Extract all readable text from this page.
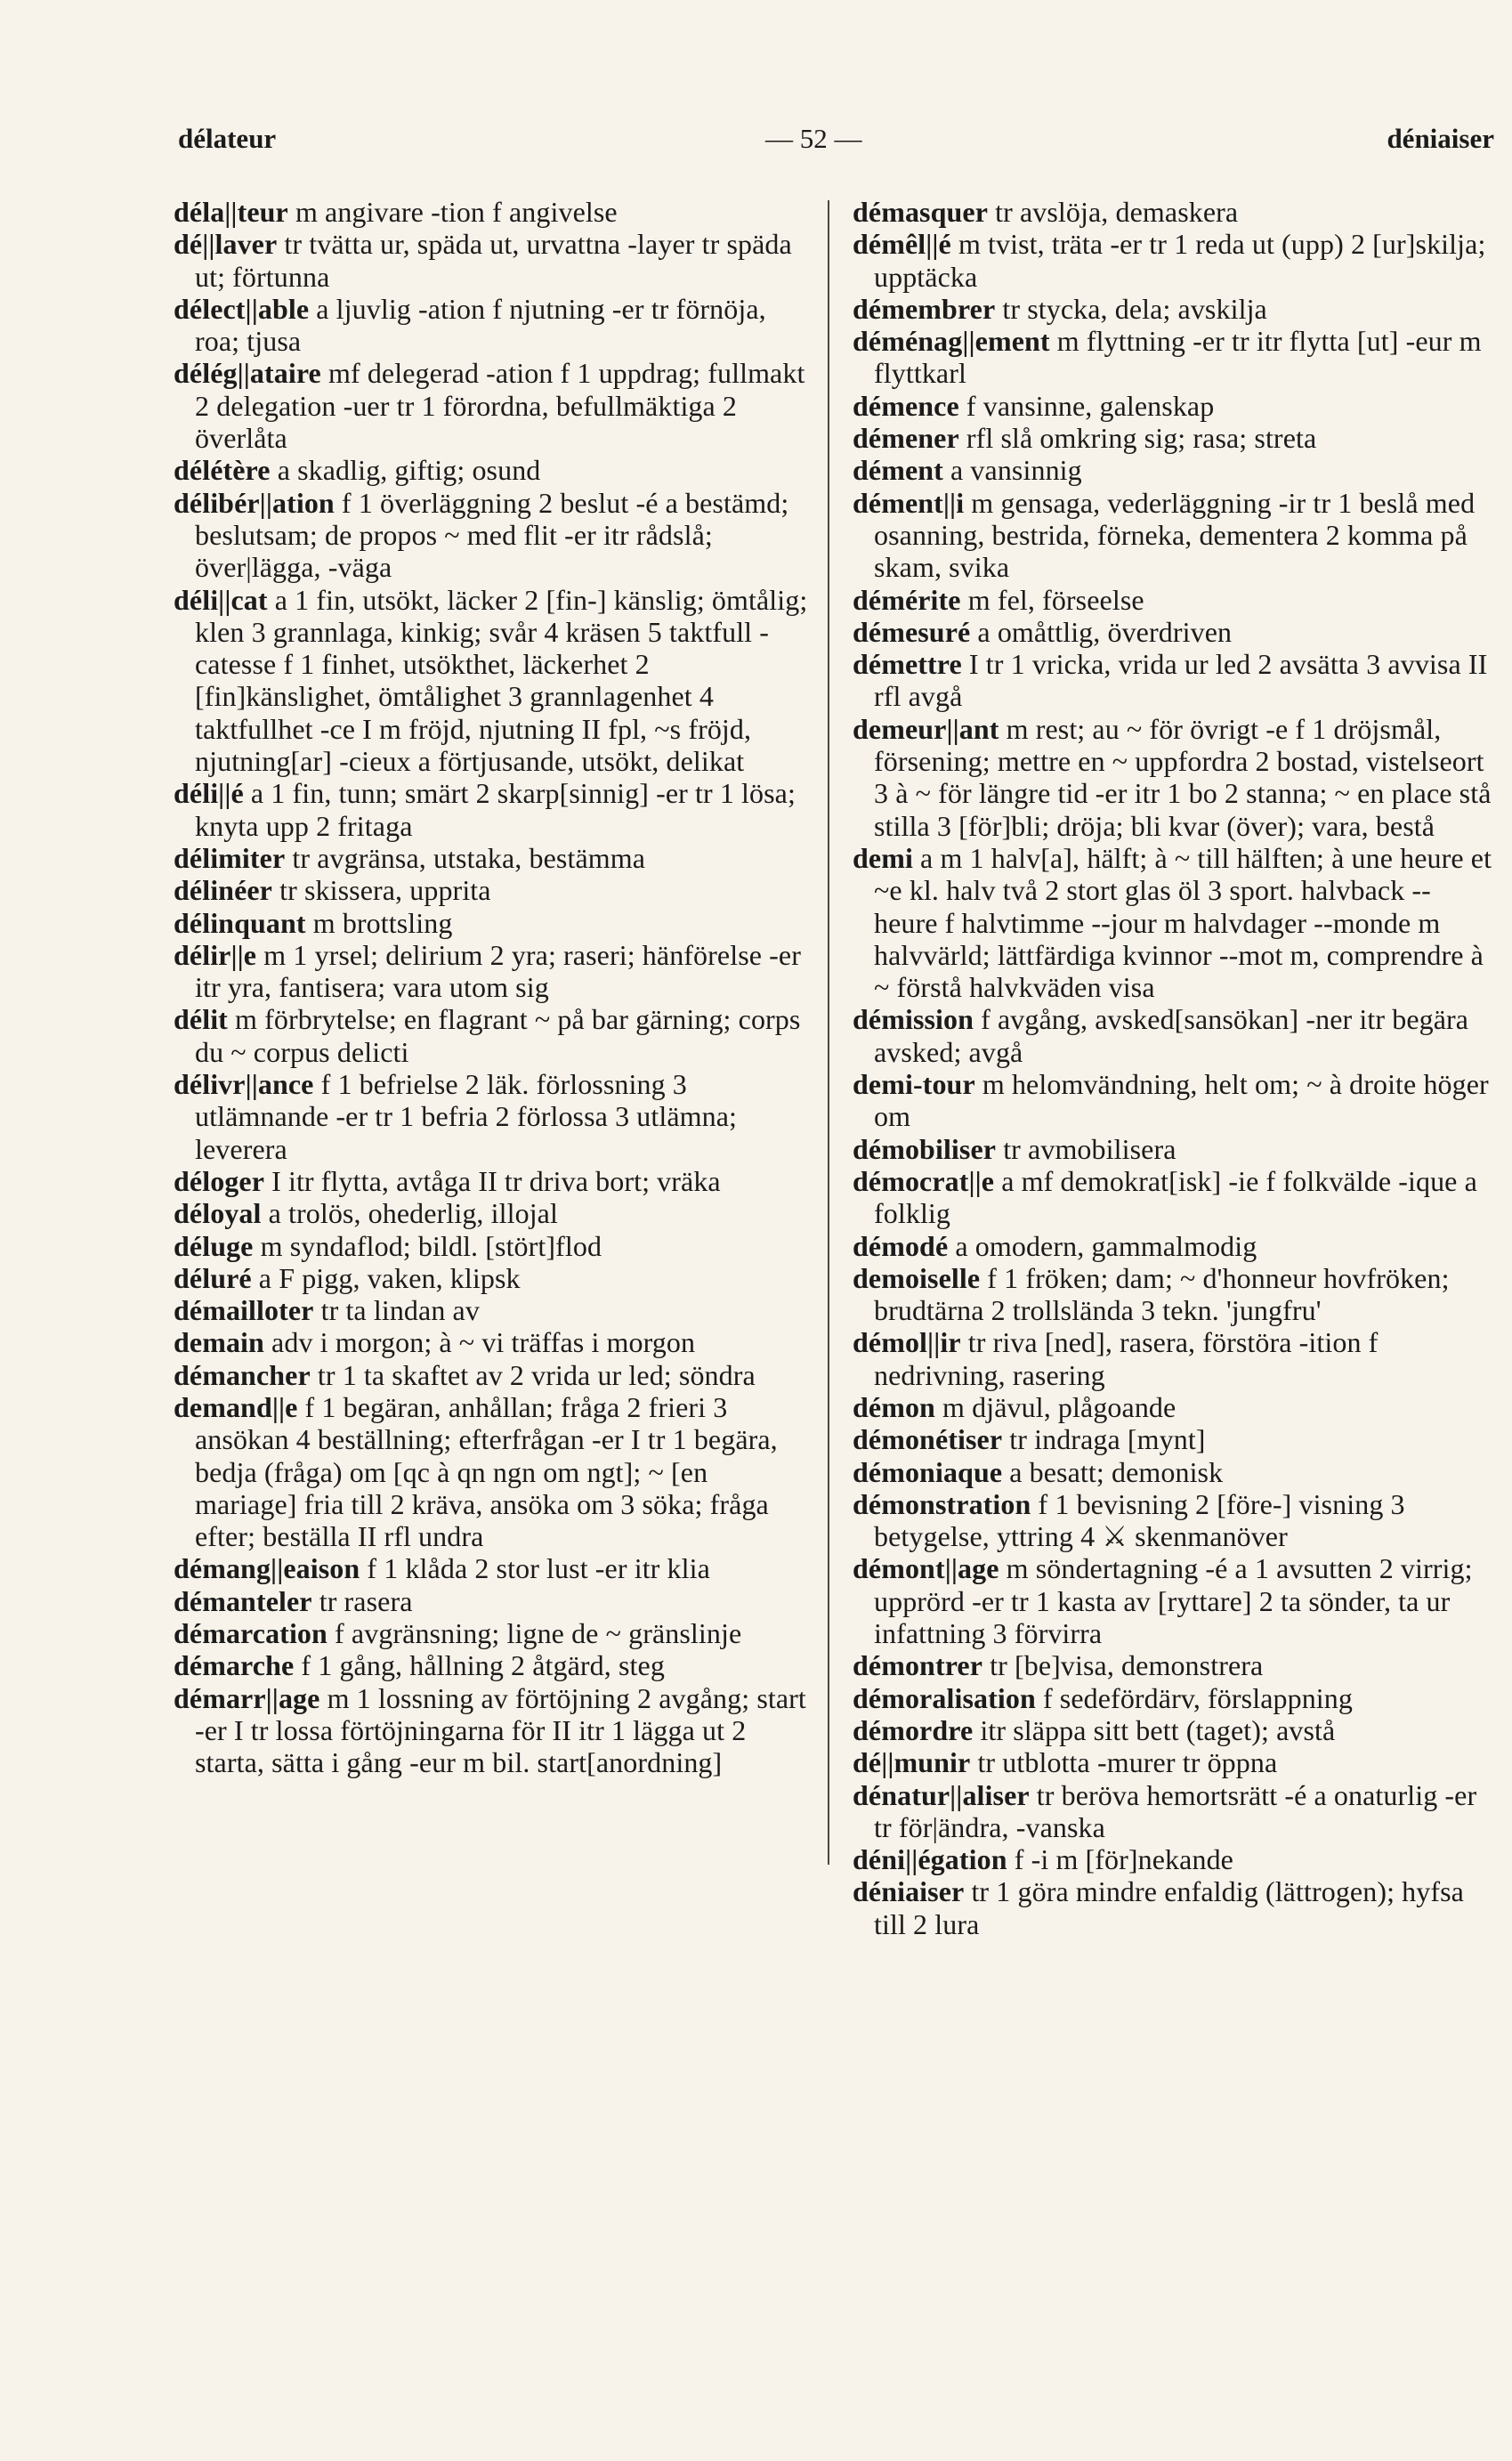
délateur	— 52 —	déniaiser

déla||teur m angivare -tion f angivelse

dé||laver tr tvätta ur, späda ut, urvattna -layer tr späda ut; förtunna

délect||able a ljuvlig -ation f njutning -er tr förnöja, roa; tjusa

délég||ataire mf delegerad -ation f 1 uppdrag; fullmakt 2 delegation -uer tr 1 förordna, befullmäktiga 2 överlåta

délétère a skadlig, giftig; osund

délibér||ation f 1 överläggning 2 beslut -é a bestämd; beslutsam; de propos ~ med flit -er itr rådslå; över|lägga, -väga

déli||cat a 1 fin, utsökt, läcker 2 [fin-] känslig; ömtålig; klen 3 grannlaga, kinkig; svår 4 kräsen 5 taktfull -catesse f 1 finhet, utsökthet, läckerhet 2 [fin]känslighet, ömtålighet 3 grannlagenhet 4 taktfullhet -ce I m fröjd, njutning II fpl, ~s fröjd, njutning[ar] -cieux a förtjusande, utsökt, delikat

déli||é a 1 fin, tunn; smärt 2 skarp[sinnig] -er tr 1 lösa; knyta upp 2 fritaga

délimiter tr avgränsa, utstaka, bestämma

délinéer tr skissera, upprita

délinquant m brottsling

délir||e m 1 yrsel; delirium 2 yra; raseri; hänförelse -er itr yra, fantisera; vara utom sig

délit m förbrytelse; en flagrant ~ på bar gärning; corps du ~ corpus delicti

délivr||ance f 1 befrielse 2 läk. förlossning 3 utlämnande -er tr 1 befria 2 förlossa 3 utlämna; leverera

déloger I itr flytta, avtåga II tr driva bort; vräka

déloyal a trolös, ohederlig, illojal

déluge m syndaflod; bildl. [stört]flod

déluré a F pigg, vaken, klipsk

démailloter tr ta lindan av

demain adv i morgon; à ~ vi träffas i morgon

démancher tr 1 ta skaftet av 2 vrida ur led; söndra

demand||e f 1 begäran, anhållan; fråga 2 frieri 3 ansökan 4 beställning; efterfrågan -er I tr 1 begära, bedja (fråga) om [qc à qn ngn om ngt]; ~ [en mariage] fria till 2 kräva, ansöka om 3 söka; fråga efter; beställa II rfl undra

démang||eaison f 1 klåda 2 stor lust -er itr klia

démanteler tr rasera

démarcation f avgränsning; ligne de ~ gränslinje

démarche f 1 gång, hållning 2 åtgärd, steg

démarr||age m 1 lossning av förtöjning 2 avgång; start -er I tr lossa förtöjningarna för II itr 1 lägga ut 2 starta, sätta i gång -eur m bil. start[anordning]

démasquer tr avslöja, demaskera

démêl||é m tvist, träta -er tr 1 reda ut (upp) 2 [ur]skilja; upptäcka

démembrer tr stycka, dela; avskilja

déménag||ement m flyttning -er tr itr flytta [ut] -eur m flyttkarl

démence f vansinne, galenskap

démener rfl slå omkring sig; rasa; streta

dément a vansinnig

dément||i m gensaga, vederläggning -ir tr 1 beslå med osanning, bestrida, förneka, dementera 2 komma på skam, svika

démérite m fel, förseelse

démesuré a omåttlig, överdriven

démettre I tr 1 vricka, vrida ur led 2 avsätta 3 avvisa II rfl avgå

demeur||ant m rest; au ~ för övrigt -e f 1 dröjsmål, försening; mettre en ~ uppfordra 2 bostad, vistelseort 3 à ~ för längre tid -er itr 1 bo 2 stanna; ~ en place stå stilla 3 [för]bli; dröja; bli kvar (över); vara, bestå

demi a m 1 halv[a], hälft; à ~ till hälften; à une heure et ~e kl. halv två 2 stort glas öl 3 sport. halvback --heure f halvtimme --jour m halvdager --monde m halvvärld; lättfärdiga kvinnor --mot m, comprendre à ~ förstå halvkväden visa

démission f avgång, avsked[sansökan] -ner itr begära avsked; avgå

demi-tour m helomvändning, helt om; ~ à droite höger om

démobiliser tr avmobilisera

démocrat||e a mf demokrat[isk] -ie f folkvälde -ique a folklig

démodé a omodern, gammalmodig

demoiselle f 1 fröken; dam; ~ d'honneur hovfröken; brudtärna 2 trollslända 3 tekn. 'jungfru'

démol||ir tr riva [ned], rasera, förstöra -ition f nedrivning, rasering

démon m djävul, plågoande

démonétiser tr indraga [mynt]

démoniaque a besatt; demonisk

démonstration f 1 bevisning 2 [före-] visning 3 betygelse, yttring 4 ⚔ skenmanöver

démont||age m söndertagning -é a 1 avsutten 2 virrig; upprörd -er tr 1 kasta av [ryttare] 2 ta sönder, ta ur infattning 3 förvirra

démontrer tr [be]visa, demonstrera

démoralisation f sedefördärv, förslappning

démordre itr släppa sitt bett (taget); avstå

dé||munir tr utblotta -murer tr öppna

dénatur||aliser tr beröva hemortsrätt -é a onaturlig -er tr för|ändra, -vanska

déni||égation f -i m [för]nekande

déniaiser tr 1 göra mindre enfaldig (lättrogen); hyfsa till 2 lura
